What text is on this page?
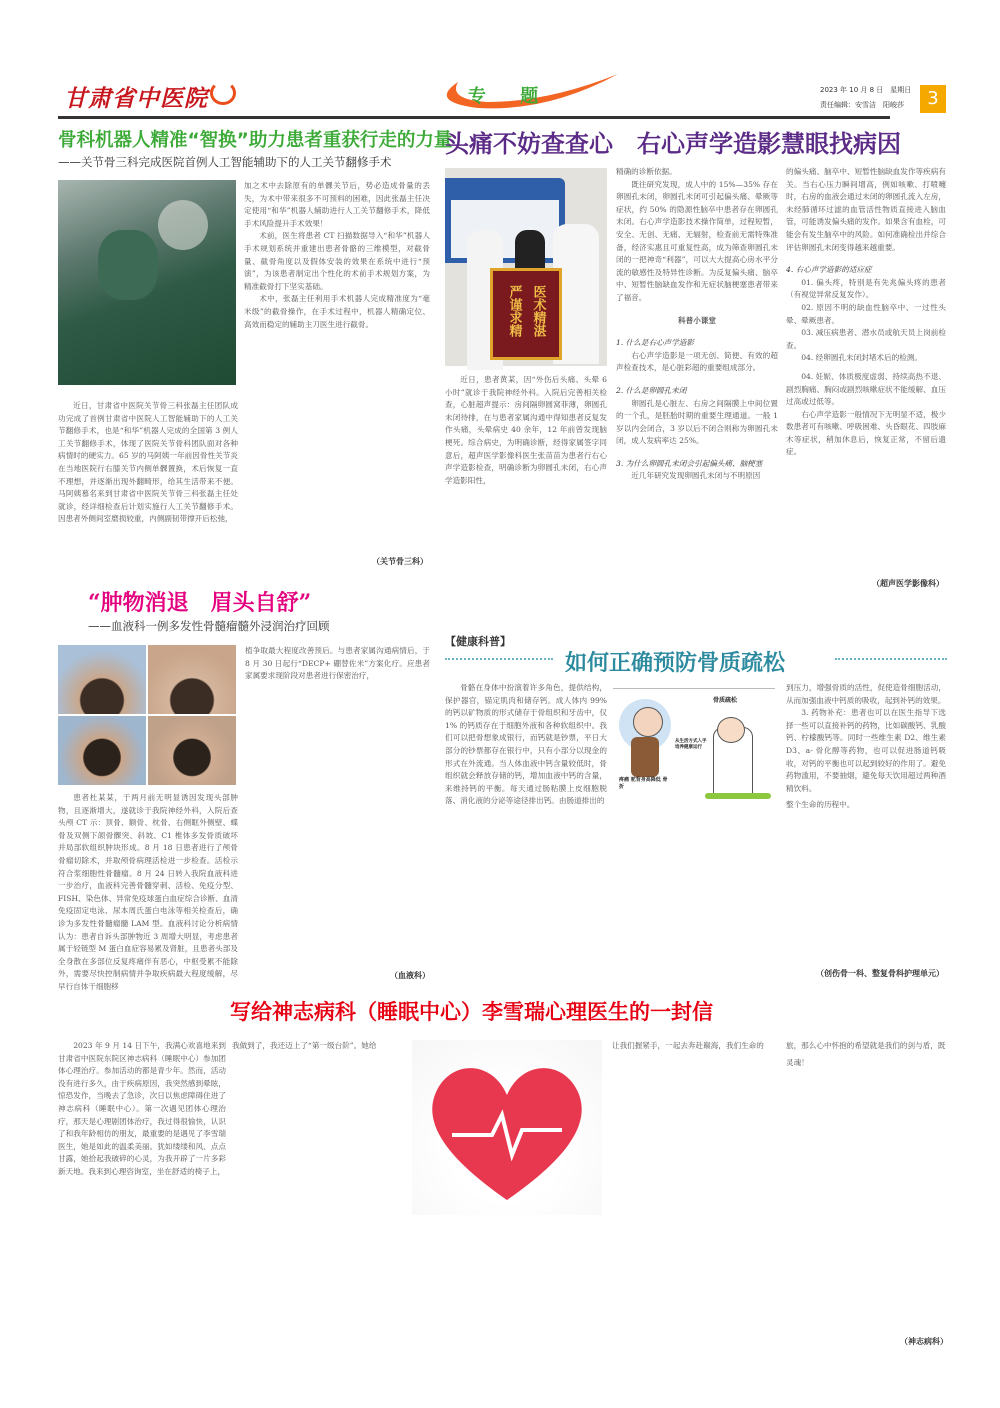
甘肃省中医院	专 题	2023 年 10 月 8 日　星期日
责任编辑：安雪洁　阳峻莎	3
骨科机器人精准“智换”助力患者重获行走的力量
——关节骨三科完成医院首例人工智能辅助下的人工关节翻修手术

加之术中去除原有的单髁关节后，势必造成骨量的丢失，为术中带来很多不可预料的困难，因此张磊主任决定使用“和华”机器人辅助进行人工关节翻修手术，降低手术风险提升手术效果！

术前，医生将患者 CT 扫描数据导入“和华”机器人手术规划系统并重建出患者骨骼的三维模型，对截骨量、截骨角度以及假体安装的效果在系统中进行“预演”，为该患者制定出个性化的术前手术规划方案，为精准截骨打下坚实基础。

术中，张磊主任利用手术机器人完成精准度为“毫米级”的截骨操作，在手术过程中，机器人精确定位、高效而稳定的辅助主刀医生进行截骨。

近日，甘肃省中医院关节骨三科张磊主任团队成功完成了首例甘肃省中医院人工智能辅助下的人工关节翻修手术，也是“和华”机器人完成的全国第 3 例人工关节翻修手术，体现了医院关节骨科团队面对各种病情时的硬实力。65 岁的马阿姨一年前因骨性关节炎在当地医院行右膝关节内侧单髁置换，术后恢复一直不理想，并逐渐出现外翻畸形，给其生活带来不便。马阿姨慕名来到甘肃省中医院关节骨三科张磊主任处就诊，经详细检查后计划实施行人工关节翻修手术。因患者外侧间室磨损较重，内侧副韧带撑开后松弛，

（关节骨三科）
头痛不妨查查心　右心声学造影慧眼找病因
严谨求精 医术精湛

近日，患者黄某，因“外伤后头痛、头晕 6 小时”就诊于我院神经外科。入院后完善相关检查，心脏超声提示：房间隔卵圆窝菲薄，卵圆孔未闭待排，在与患者家属沟通中得知患者反复发作头痛，头晕病史 40 余年，12 年前曾发现脑梗死。综合病史，为明确诊断，经得家属签字同意后，超声医学影像科医生张苗苗为患者行右心声学造影检查，明确诊断为卵圆孔未闭，右心声学造影阳性，

精确的诊断依据。

既往研究发现，成人中的 15%—35% 存在卵圆孔未闭，卵圆孔未闭可引起偏头痛、晕厥等症状，约 50% 的隐源性脑卒中患者存在卵圆孔未闭。右心声学造影技术操作简单，过程短暂，安全、无创、无痛、无辐射，检查前无需特殊准备，经济实惠且可重复性高，成为筛查卵圆孔未闭的一把神奇“利器”，可以大大提高心房水平分流的敏感性及特异性诊断。为反复偏头痛、脑卒中、短暂性脑缺血发作和无症状脑梗塞患者带来了福音。

科普小课堂

1. 什么是右心声学造影

右心声学造影是一项无创、简便、有效的超声检查技术，是心脏彩超的重要组成部分。

2. 什么是卵圆孔未闭

卵圆孔是心脏左、右房之间隔膜上中间位置的一个孔，是胚胎时期的重要生理通道。一般 1 岁以内会闭合，3 岁以后不闭合则称为卵圆孔未闭，成人发病率达 25%。

3. 为什么卵圆孔未闭会引起偏头痛、脑梗塞

近几年研究发现卵圆孔未闭与不明原因

的偏头痛、脑卒中、短暂性脑缺血发作等疾病有关。当右心压力瞬间增高，例如咳嗽、打喷嚏时，右房的血液会通过未闭的卵圆孔流入左房，未经肺循环过滤的血管活性物质直接进入脑血管，可能诱发偏头痛的发作。如果含有血栓，可能会有发生脑卒中的风险。如何准确检出并综合评估卵圆孔未闭变得越来越重要。

4. 右心声学造影的适应症

01. 偏头疼，特别是有先兆偏头疼的患者（有视觉异常反复发作）。

02. 原因不明的缺血性脑卒中、一过性头晕、晕厥患者。

03. 减压病患者、潜水员或航天员上岗前检查。

04. 经卵圆孔未闭封堵术后的检测。

04. 妊娠、体质极度虚弱、持续高热不退、剧烈胸痛、胸闷或剧烈咳嗽症状不能缓解、血压过高或过低等。

右心声学造影一般情况下无明显不适，极少数患者可有咳嗽、呼吸困难、头昏眼花、四肢麻木等症状，稍加休息后，恢复正常，不留后遗症。

（超声医学影像科）
“肿物消退　眉头自舒”
——血液科一例多发性骨髓瘤髓外浸润治疗回顾

植争取最大程度改善预后。与患者家属沟通病情后，于 8 月 30 日起行“DECP+ 硼替佐米”方案化疗。应患者家属要求现阶段对患者进行保密治疗，

患者杜某某，于两月前无明显诱因发现头部肿物，且逐渐增大，遂就诊于我院神经外科，入院后查头颅 CT 示：顶骨、额骨、枕骨、右侧眶外侧壁、蝶骨及双侧下颌骨髁突、斜坡、C1 椎体多发骨质破坏并局部软组织肿块形成。8 月 18 日患者进行了颅骨骨瘤切除术，并取颅骨病理活检进一步检查。活检示符合浆细胞性骨髓瘤。8 月 24 日转入我院血液科进一步治疗，血液科完善骨髓穿刺、活检、免疫分型、FISH、染色体、异常免疫球蛋白血症综合诊断、血清免疫固定电泳、尿本周氏蛋白电泳等相关检查后，确诊为多发性骨髓瘤髓 LAM 型。血液科讨论分析病情认为：患者自诉头部肿物近 3 周增大明显，考虑患者属于轻链型 M 蛋白血症容易累及肾脏，且患者头部及全身散在多部位反复疼痛伴有恶心，中枢受累不能除外，需要尽快控制病情并争取疾病最大程度缓解，尽早行自体干细胞移

（血液科）
【健康科普】
如何正确预防骨质疏松

骨骼在身体中扮演着许多角色，提供结构，保护器官，锚定肌肉和储存钙。成人体内 99% 的钙以矿物质的形式储存于骨组织和牙齿中，仅 1% 的钙质存在于细胞外液和各种软组织中。我们可以把骨想象成银行，而钙就是钞票，平日大部分的钞票都存在银行中，只有小部分以现金的形式在外流通。当人体血液中钙含量较低时，骨组织就会释放存储的钙，增加血液中钙的含量，来维持钙的平衡。每天通过肠粘膜上皮细胞脱落、消化液的分泌等途径排出钙。由肠道排出的

骨质疏松
从生活方式入手 培养健康运行
疼痛 驼背身高降低 骨折

到压力，增强骨质的活性，促使造骨细胞活动，从而加强血液中钙质的吸收，起到补钙的效果。

3. 药物补充：患者也可以在医生指导下选择一些可以直接补钙的药物，比如碳酸钙、乳酸钙、柠檬酸钙等。同时一些维生素 D2、维生素 D3、a- 骨化醇等药物，也可以促进肠道钙吸收，对钙的平衡也可以起到较好的作用了。避免药物滥用，不要抽烟，避免每天饮用超过两种酒精饮料。

整个生命的历程中。

（创伤骨一科、整复骨科护理单元）
写给神志病科（睡眠中心）李雪瑞心理医生的一封信

2023 年 9 月 14 日下午，我满心欢喜地来到甘肃省中医院东院区神志病科（睡眠中心）参加团体心理治疗。参加活动的都是青少年。然而，活动没有进行多久，由于疾病原因，我突然感到晕眩，惊恐发作，当晚去了急诊，次日以焦虑障碍住进了神志病科（睡眠中心）。第一次遇见团体心理治疗，那天是心理剧团体治疗，我过得很愉快，认识了和我年龄相仿的朋友，最重要的是遇见了李雪瑞医生，她是如此的温柔美丽。犹如缕缕和风、点点甘露，她拾起我破碎的心灵，为我开辟了一片多彩新天地。我来到心理咨询室，坐在舒适的椅子上，

我做到了，我还迈上了“第一级台阶”。她给	让我们握紧手，一起去奔赴巅海，我们生命的	旅，那么心中怀抱的希望就是我们的剑与盾，既

灵魂！

（神志病科）
